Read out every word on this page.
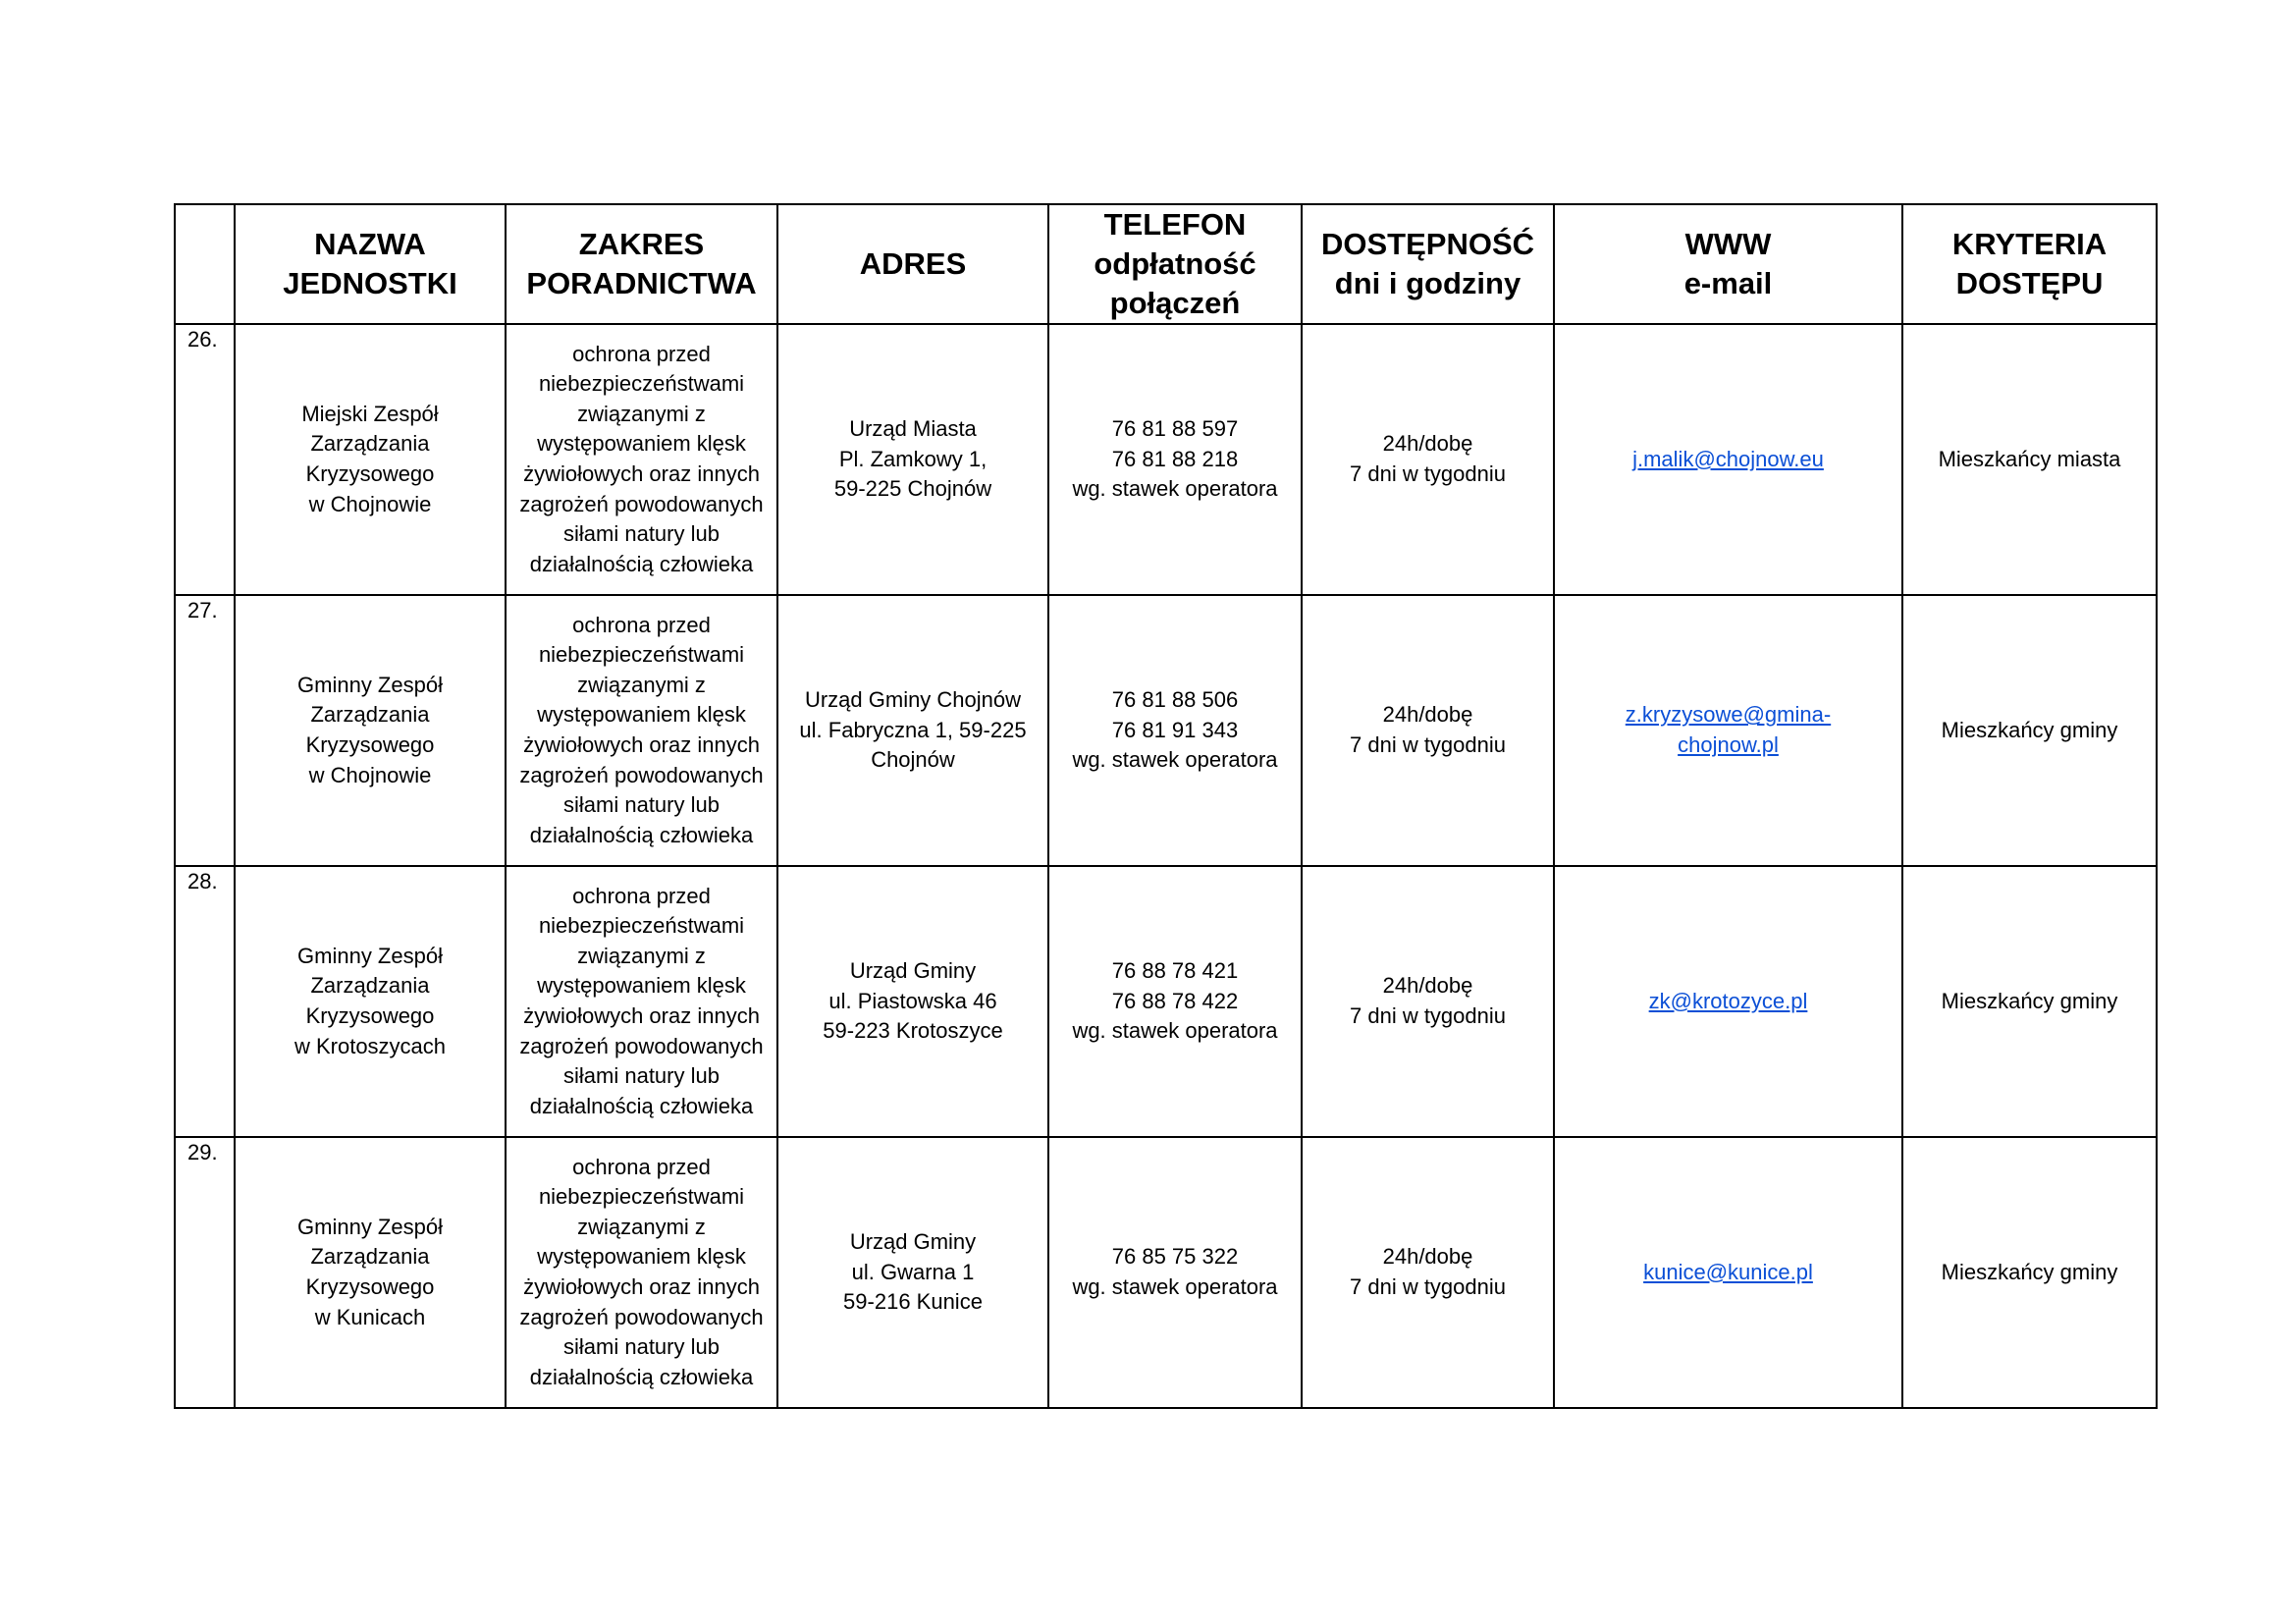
	NAZWA
JEDNOSTKI	ZAKRES
PORADNICTWA	ADRES	TELEFON
odpłatność
połączeń	DOSTĘPNOŚĆ
dni i godziny	WWW
e-mail	KRYTERIA
DOSTĘPU
26.	Miejski Zespół
Zarządzania
Kryzysowego
w Chojnowie	ochrona przed niebezpieczeństwami związanymi z występowaniem klęsk żywiołowych oraz innych zagrożeń powodowanych siłami natury lub działalnością człowieka	Urząd Miasta
Pl. Zamkowy 1,
59-225 Chojnów	76 81 88 597
76 81 88 218
wg. stawek operatora	24h/dobę
7 dni w tygodniu	j.malik@chojnow.eu	Mieszkańcy miasta
27.	Gminny Zespół
Zarządzania
Kryzysowego
w Chojnowie	ochrona przed niebezpieczeństwami związanymi z występowaniem klęsk żywiołowych oraz innych zagrożeń powodowanych siłami natury lub działalnością człowieka	Urząd Gminy Chojnów
ul. Fabryczna 1, 59-225
Chojnów	76 81 88 506
76 81 91 343
wg. stawek operatora	24h/dobę
7 dni w tygodniu	z.kryzysowe@gmina-
chojnow.pl	Mieszkańcy gminy
28.	Gminny Zespół
Zarządzania
Kryzysowego
w Krotoszycach	ochrona przed niebezpieczeństwami związanymi z występowaniem klęsk żywiołowych oraz innych zagrożeń powodowanych siłami natury lub działalnością człowieka	Urząd Gminy
ul. Piastowska 46
59-223 Krotoszyce	76 88 78 421
76 88 78 422
wg. stawek operatora	24h/dobę
7 dni w tygodniu	zk@krotozyce.pl	Mieszkańcy gminy
29.	Gminny Zespół
Zarządzania
Kryzysowego
w Kunicach	ochrona przed niebezpieczeństwami związanymi z występowaniem klęsk żywiołowych oraz innych zagrożeń powodowanych siłami natury lub działalnością człowieka	Urząd Gminy
ul. Gwarna 1
59-216 Kunice	76 85 75 322
wg. stawek operatora	24h/dobę
7 dni w tygodniu	kunice@kunice.pl	Mieszkańcy gminy
